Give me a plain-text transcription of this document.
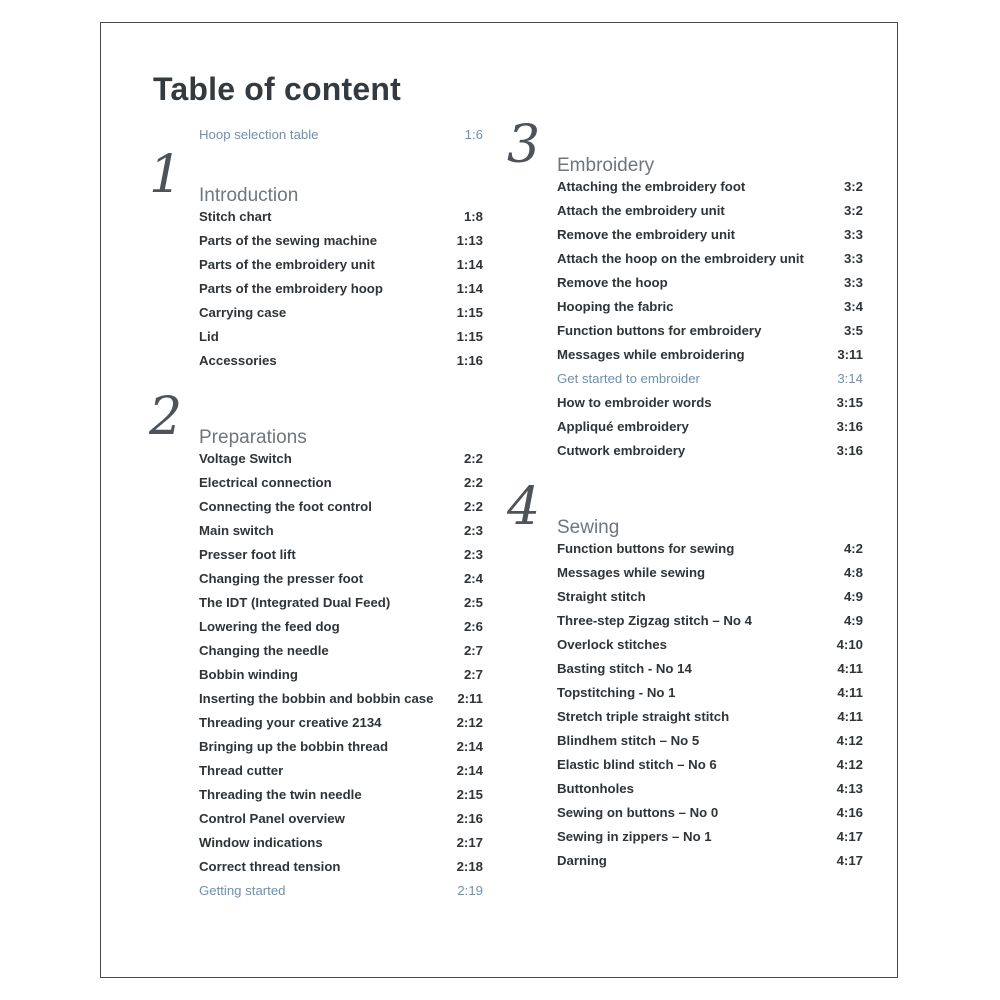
Table of content
Hoop selection table	1:6
1 Introduction
Stitch chart	1:8
Parts of the sewing machine	1:13
Parts of the embroidery unit	1:14
Parts of the embroidery hoop	1:14
Carrying case	1:15
Lid	1:15
Accessories	1:16
2 Preparations
Voltage Switch	2:2
Electrical connection	2:2
Connecting the foot control	2:2
Main switch	2:3
Presser foot lift	2:3
Changing the presser foot	2:4
The IDT (Integrated Dual Feed)	2:5
Lowering the feed dog	2:6
Changing the needle	2:7
Bobbin winding	2:7
Inserting the bobbin and bobbin case 2:11
Threading your creative 2134	2:12
Bringing up the bobbin thread	2:14
Thread cutter	2:14
Threading the twin needle	2:15
Control Panel overview	2:16
Window indications	2:17
Correct thread tension	2:18
Getting started	2:19
3 Embroidery
Attaching the embroidery foot	3:2
Attach the embroidery unit	3:2
Remove the embroidery unit	3:3
Attach the hoop on the embroidery unit	3:3
Remove the hoop	3:3
Hooping the fabric	3:4
Function buttons for embroidery	3:5
Messages while embroidering	3:11
Get started to embroider	3:14
How to embroider words	3:15
Appliqué embroidery	3:16
Cutwork embroidery	3:16
4 Sewing
Function buttons for sewing	4:2
Messages while sewing	4:8
Straight stitch	4:9
Three-step Zigzag stitch – No 4	4:9
Overlock stitches	4:10
Basting stitch - No 14	4:11
Topstitching - No 1	4:11
Stretch triple straight stitch	4:11
Blindhem stitch – No 5	4:12
Elastic blind stitch – No 6	4:12
Buttonholes	4:13
Sewing on buttons – No 0	4:16
Sewing in zippers – No 1	4:17
Darning	4:17
